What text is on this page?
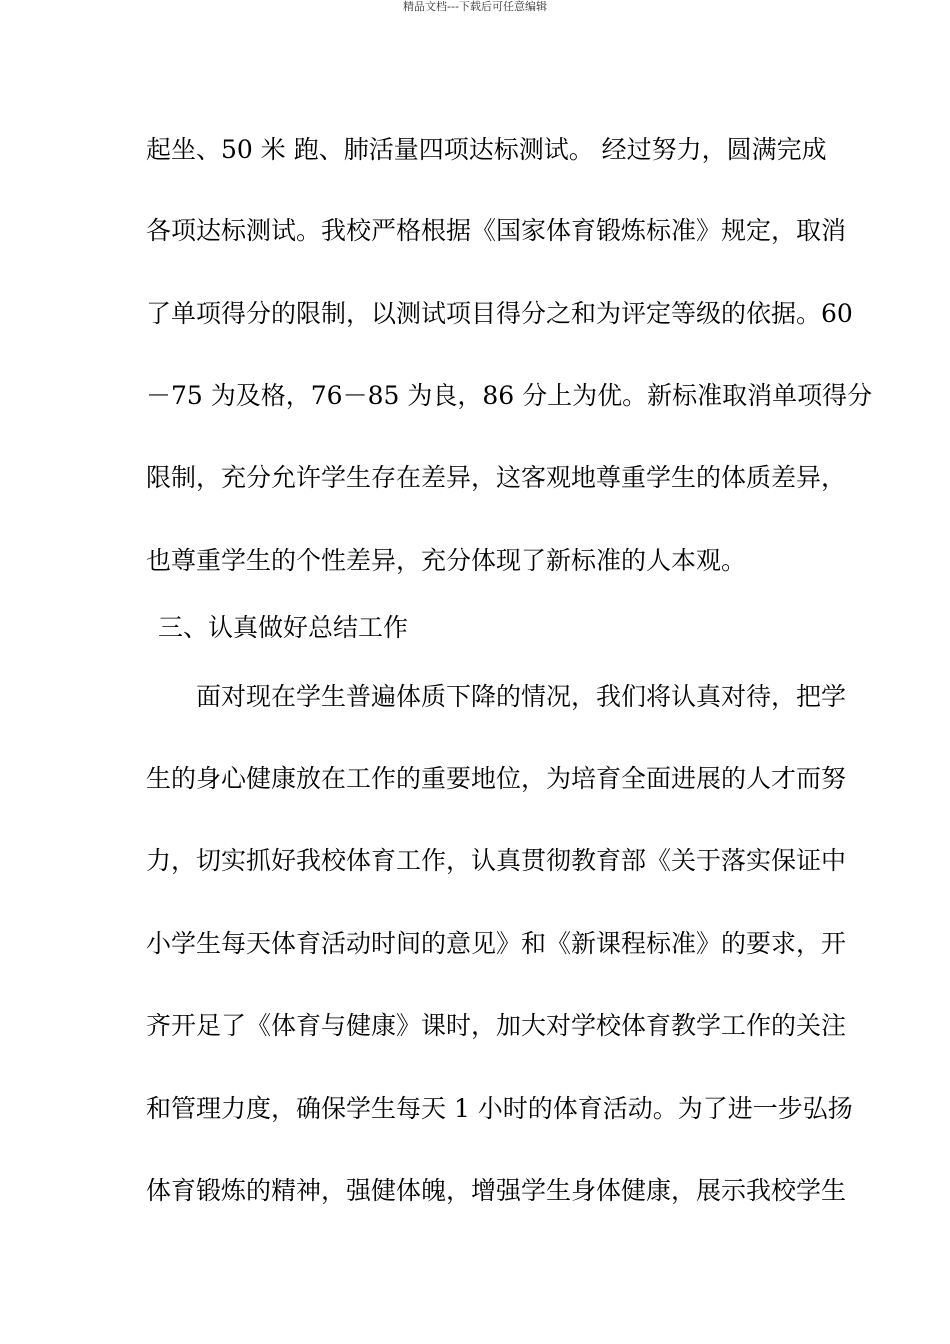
精品文档---下载后可任意编辑
起坐、50 米 跑、肺活量四项达标测试。 经过努力，圆满完成
各项达标测试。我校严格根据《国家体育锻炼标准》规定，取消
了单项得分的限制，以测试项目得分之和为评定等级的依据。60
－75 为及格，76－85 为良，86 分上为优。新标准取消单项得分
限制，充分允许学生存在差异，这客观地尊重学生的体质差异，
也尊重学生的个性差异，充分体现了新标准的人本观。
三、认真做好总结工作
面对现在学生普遍体质下降的情况，我们将认真对待，把学
生的身心健康放在工作的重要地位，为培育全面进展的人才而努
力，切实抓好我校体育工作，认真贯彻教育部《关于落实保证中
小学生每天体育活动时间的意见》和《新课程标准》的要求，开
齐开足了《体育与健康》课时，加大对学校体育教学工作的关注
和管理力度，确保学生每天 1 小时的体育活动。为了进一步弘扬
体育锻炼的精神，强健体魄，增强学生身体健康，展示我校学生
